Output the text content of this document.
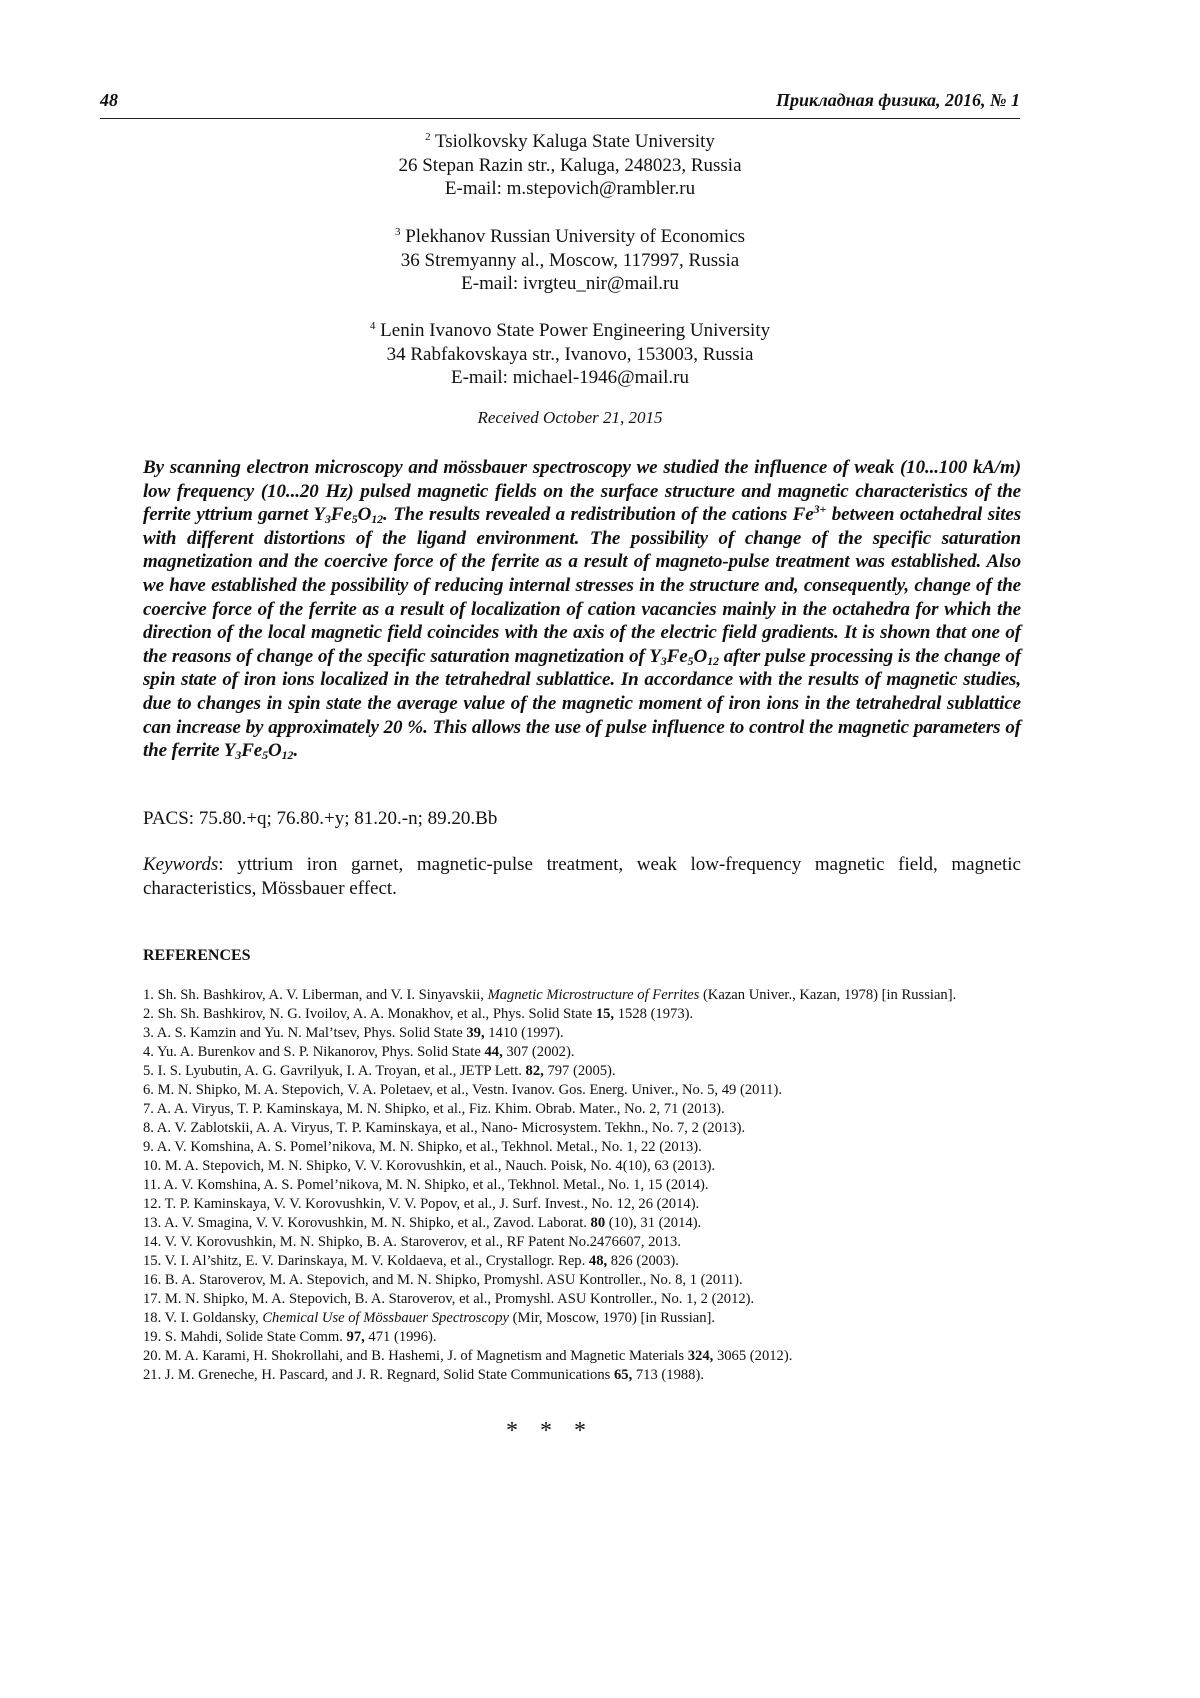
48	Прикладная физика, 2016, № 1
$^2$ Tsiolkovsky Kaluga State University
26 Stepan Razin str., Kaluga, 248023, Russia
E-mail: m.stepovich@rambler.ru
$^3$ Plekhanov Russian University of Economics
36 Stremyanny al., Moscow, 117997, Russia
E-mail: ivrgteu_nir@mail.ru
$^4$ Lenin Ivanovo State Power Engineering University
34 Rabfakovskaya str., Ivanovo, 153003, Russia
E-mail: michael-1946@mail.ru
Received October 21, 2015
By scanning electron microscopy and mössbauer spectroscopy we studied the influence of weak (10...100 kA/m) low frequency (10...20 Hz) pulsed magnetic fields on the surface structure and magnetic characteristics of the ferrite yttrium garnet $Y_3Fe_5O_{12}$. The results revealed a redistribution of the cations $Fe^{3+}$ between octahedral sites with different distortions of the ligand environment. The possibility of change of the specific saturation magnetization and the coercive force of the ferrite as a result of magneto-pulse treatment was established. Also we have established the possibility of reducing internal stresses in the structure and, consequently, change of the coercive force of the ferrite as a result of localization of cation vacancies mainly in the octahedra for which the direction of the local magnetic field coincides with the axis of the electric field gradients. It is shown that one of the reasons of change of the specific saturation magnetization of $Y_3Fe_5O_{12}$ after pulse processing is the change of spin state of iron ions localized in the tetrahedral sublattice. In accordance with the results of magnetic studies, due to changes in spin state the average value of the magnetic moment of iron ions in the tetrahedral sublattice can increase by approximately 20 %. This allows the use of pulse influence to control the magnetic parameters of the ferrite $Y_3Fe_5O_{12}$.
PACS: 75.80.+q; 76.80.+y; 81.20.-n; 89.20.Bb
Keywords: yttrium iron garnet, magnetic-pulse treatment, weak low-frequency magnetic field, magnetic characteristics, Mössbauer effect.
REFERENCES

1. Sh. Sh. Bashkirov, A. V. Liberman, and V. I. Sinyavskii, Magnetic Microstructure of Ferrites (Kazan Univer., Kazan, 1978) [in Russian].

2. Sh. Sh. Bashkirov, N. G. Ivoilov, A. A. Monakhov, et al., Phys. Solid State 15, 1528 (1973).

3. A. S. Kamzin and Yu. N. Mal’tsev, Phys. Solid State 39, 1410 (1997).

4. Yu. A. Burenkov and S. P. Nikanorov, Phys. Solid State 44, 307 (2002).

5. I. S. Lyubutin, A. G. Gavrilyuk, I. A. Troyan, et al., JETP Lett. 82, 797 (2005).

6. M. N. Shipko, M. A. Stepovich, V. A. Poletaev, et al., Vestn. Ivanov. Gos. Energ. Univer., No. 5, 49 (2011).

7. A. A. Viryus, T. P. Kaminskaya, M. N. Shipko, et al., Fiz. Khim. Obrab. Mater., No. 2, 71 (2013).

8. A. V. Zablotskii, A. A. Viryus, T. P. Kaminskaya, et al., Nano- Microsystem. Tekhn., No. 7, 2 (2013).

9. A. V. Komshina, A. S. Pomel’nikova, M. N. Shipko, et al., Tekhnol. Metal., No. 1, 22 (2013).

10. M. A. Stepovich, M. N. Shipko, V. V. Korovushkin, et al., Nauch. Poisk, No. 4(10), 63 (2013).

11. A. V. Komshina, A. S. Pomel’nikova, M. N. Shipko, et al., Tekhnol. Metal., No. 1, 15 (2014).

12. T. P. Kaminskaya, V. V. Korovushkin, V. V. Popov, et al., J. Surf. Invest., No. 12, 26 (2014).

13. A. V. Smagina, V. V. Korovushkin, M. N. Shipko, et al., Zavod. Laborat. 80 (10), 31 (2014).

14. V. V. Korovushkin, M. N. Shipko, B. A. Staroverov, et al., RF Patent No.2476607, 2013.

15. V. I. Al’shitz, E. V. Darinskaya, M. V. Koldaeva, et al., Crystallogr. Rep. 48, 826 (2003).

16. B. A. Staroverov, M. A. Stepovich, and M. N. Shipko, Promyshl. ASU Kontroller., No. 8, 1 (2011).

17. M. N. Shipko, M. A. Stepovich, B. A. Staroverov, et al., Promyshl. ASU Kontroller., No. 1, 2 (2012).

18. V. I. Goldansky, Chemical Use of Mössbauer Spectroscopy (Mir, Moscow, 1970) [in Russian].

19. S. Mahdi, Solide State Comm. 97, 471 (1996).

20. M. A. Karami, H. Shokrollahi, and B. Hashemi, J. of Magnetism and Magnetic Materials 324, 3065 (2012).

21. J. M. Greneche, H. Pascard, and J. R. Regnard, Solid State Communications 65, 713 (1988).

* * *
